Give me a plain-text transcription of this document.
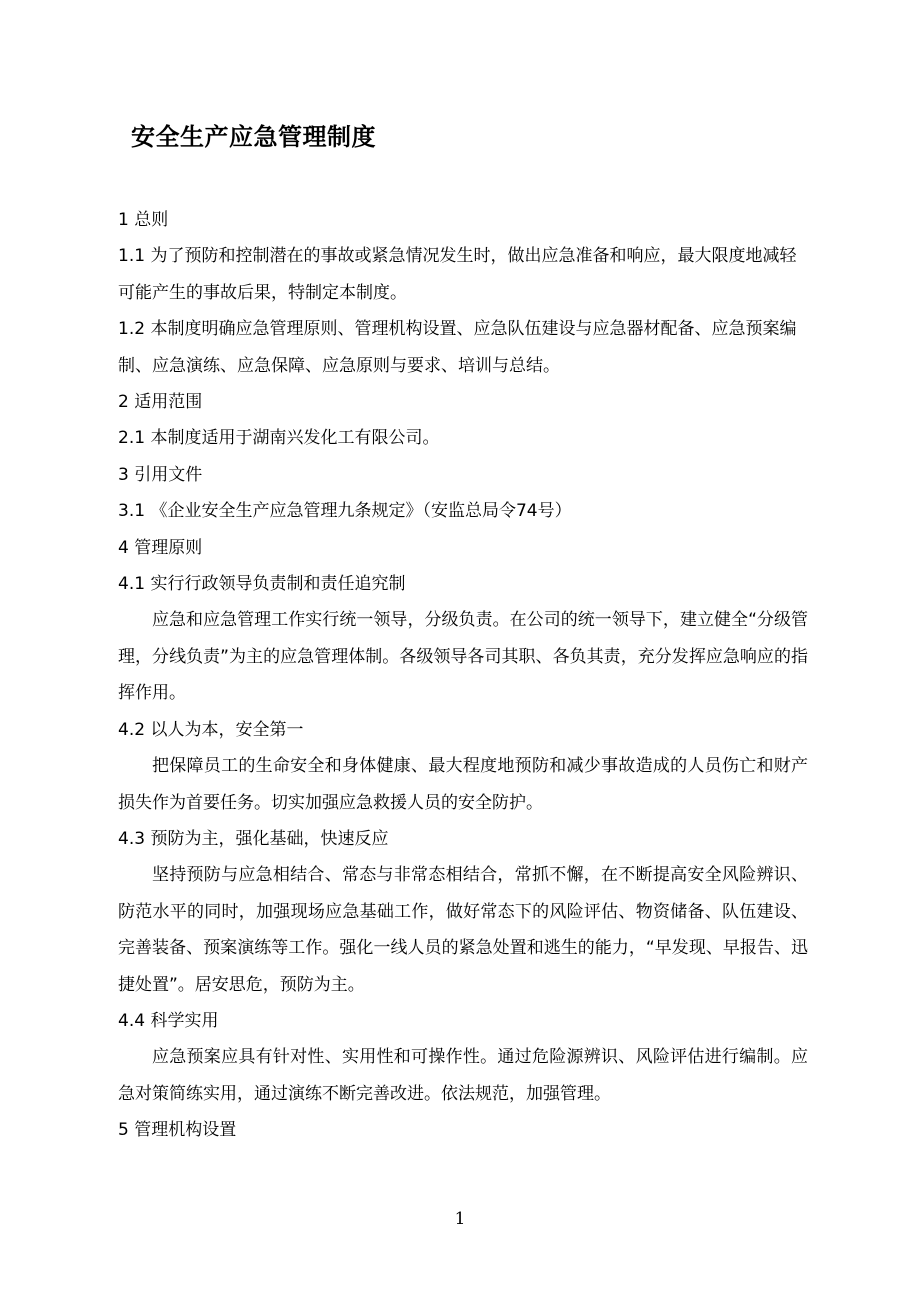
安全生产应急管理制度

1 总则

1.1 为了预防和控制潜在的事故或紧急情况发生时，做出应急准备和响应，最大限度地减轻可能产生的事故后果，特制定本制度。

1.2 本制度明确应急管理原则、管理机构设置、应急队伍建设与应急器材配备、应急预案编制、应急演练、应急保障、应急原则与要求、培训与总结。

2 适用范围

2.1 本制度适用于湖南兴发化工有限公司。

3 引用文件

3.1 《企业安全生产应急管理九条规定》（安监总局令74号）

4 管理原则

4.1 实行行政领导负责制和责任追究制

应急和应急管理工作实行统一领导，分级负责。在公司的统一领导下，建立健全“分级管理，分线负责”为主的应急管理体制。各级领导各司其职、各负其责，充分发挥应急响应的指挥作用。

4.2 以人为本，安全第一

把保障员工的生命安全和身体健康、最大程度地预防和减少事故造成的人员伤亡和财产损失作为首要任务。切实加强应急救援人员的安全防护。

4.3 预防为主，强化基础，快速反应

坚持预防与应急相结合、常态与非常态相结合，常抓不懈，在不断提高安全风险辨识、防范水平的同时，加强现场应急基础工作，做好常态下的风险评估、物资储备、队伍建设、完善装备、预案演练等工作。强化一线人员的紧急处置和逃生的能力，“早发现、早报告、迅捷处置”。居安思危，预防为主。

4.4 科学实用

应急预案应具有针对性、实用性和可操作性。通过危险源辨识、风险评估进行编制。应急对策简练实用，通过演练不断完善改进。依法规范，加强管理。

5 管理机构设置

1
